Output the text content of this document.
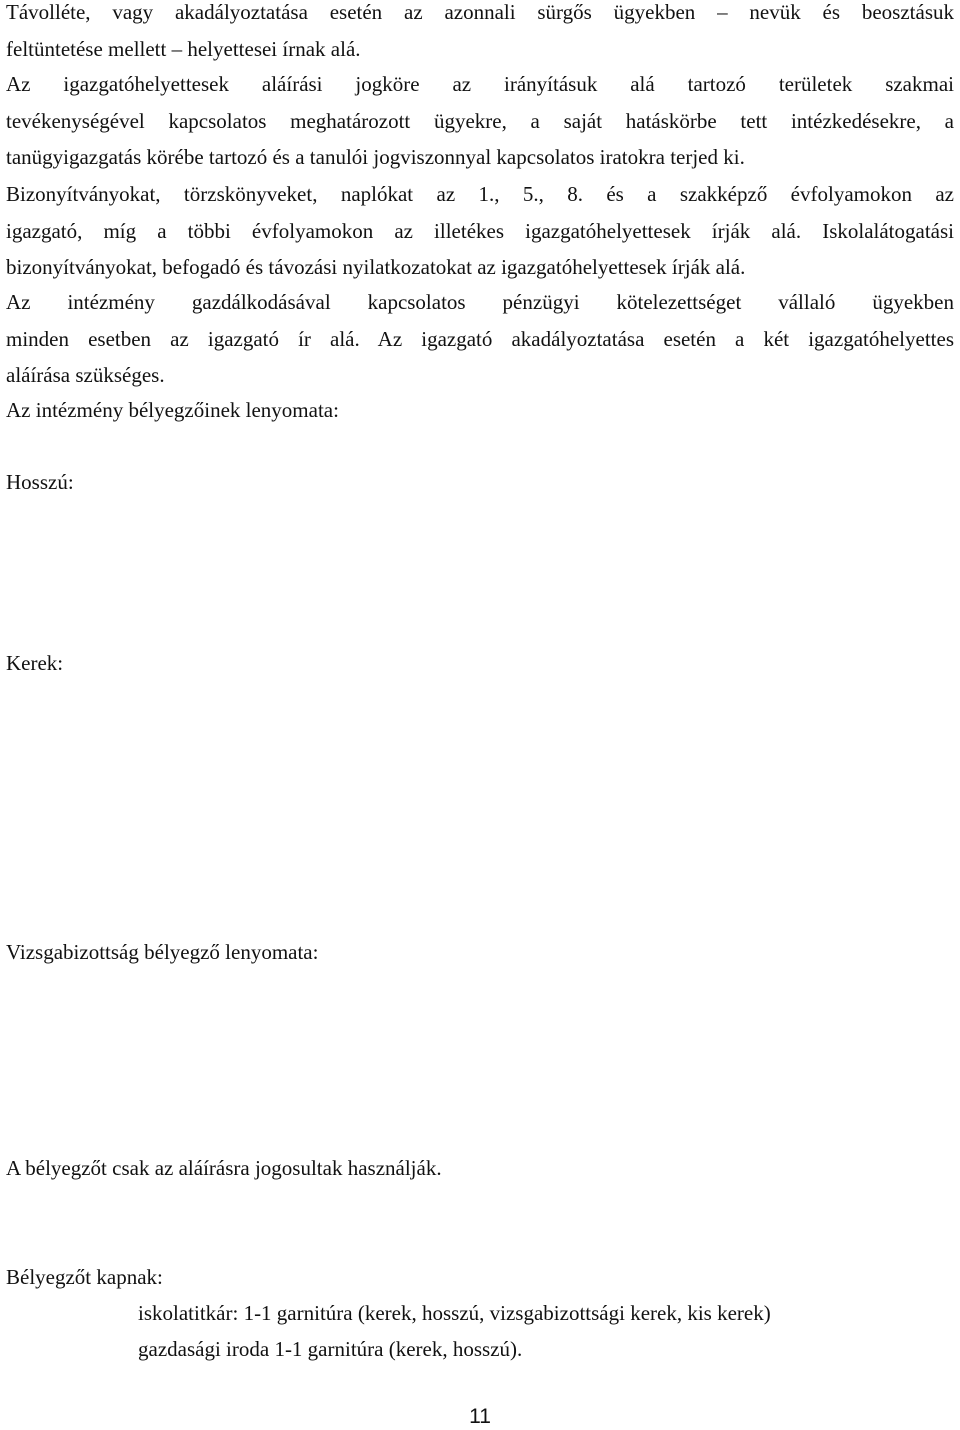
Távolléte, vagy akadályoztatása esetén az azonnali sürgős ügyekben – nevük és beosztásuk
feltüntetése mellett – helyettesei írnak alá.
Az igazgatóhelyettesek aláírási jogköre az irányításuk alá tartozó területek szakmai
tevékenységével kapcsolatos meghatározott ügyekre, a saját hatáskörbe tett intézkedésekre, a
tanügyigazgatás körébe tartozó és a tanulói jogviszonnyal kapcsolatos iratokra terjed ki.
Bizonyítványokat, törzskönyveket, naplókat az 1., 5., 8. és a szakképző évfolyamokon az
igazgató, míg a többi évfolyamokon az illetékes igazgatóhelyettesek írják alá. Iskolalátogatási
bizonyítványokat, befogadó és távozási nyilatkozatokat az igazgatóhelyettesek írják alá.
Az intézmény gazdálkodásával kapcsolatos pénzügyi kötelezettséget vállaló ügyekben
minden esetben az igazgató ír alá. Az igazgató akadályoztatása esetén a két igazgatóhelyettes
aláírása szükséges.

Az intézmény bélyegzőinek lenyomata:

Hosszú:

Kerek:

Vizsgabizottság bélyegző lenyomata:

A bélyegzőt csak az aláírásra jogosultak használják.

Bélyegzőt kapnak:

iskolatitkár: 1-1 garnitúra (kerek, hosszú, vizsgabizottsági kerek, kis kerek)

gazdasági iroda 1-1 garnitúra (kerek, hosszú).

11
